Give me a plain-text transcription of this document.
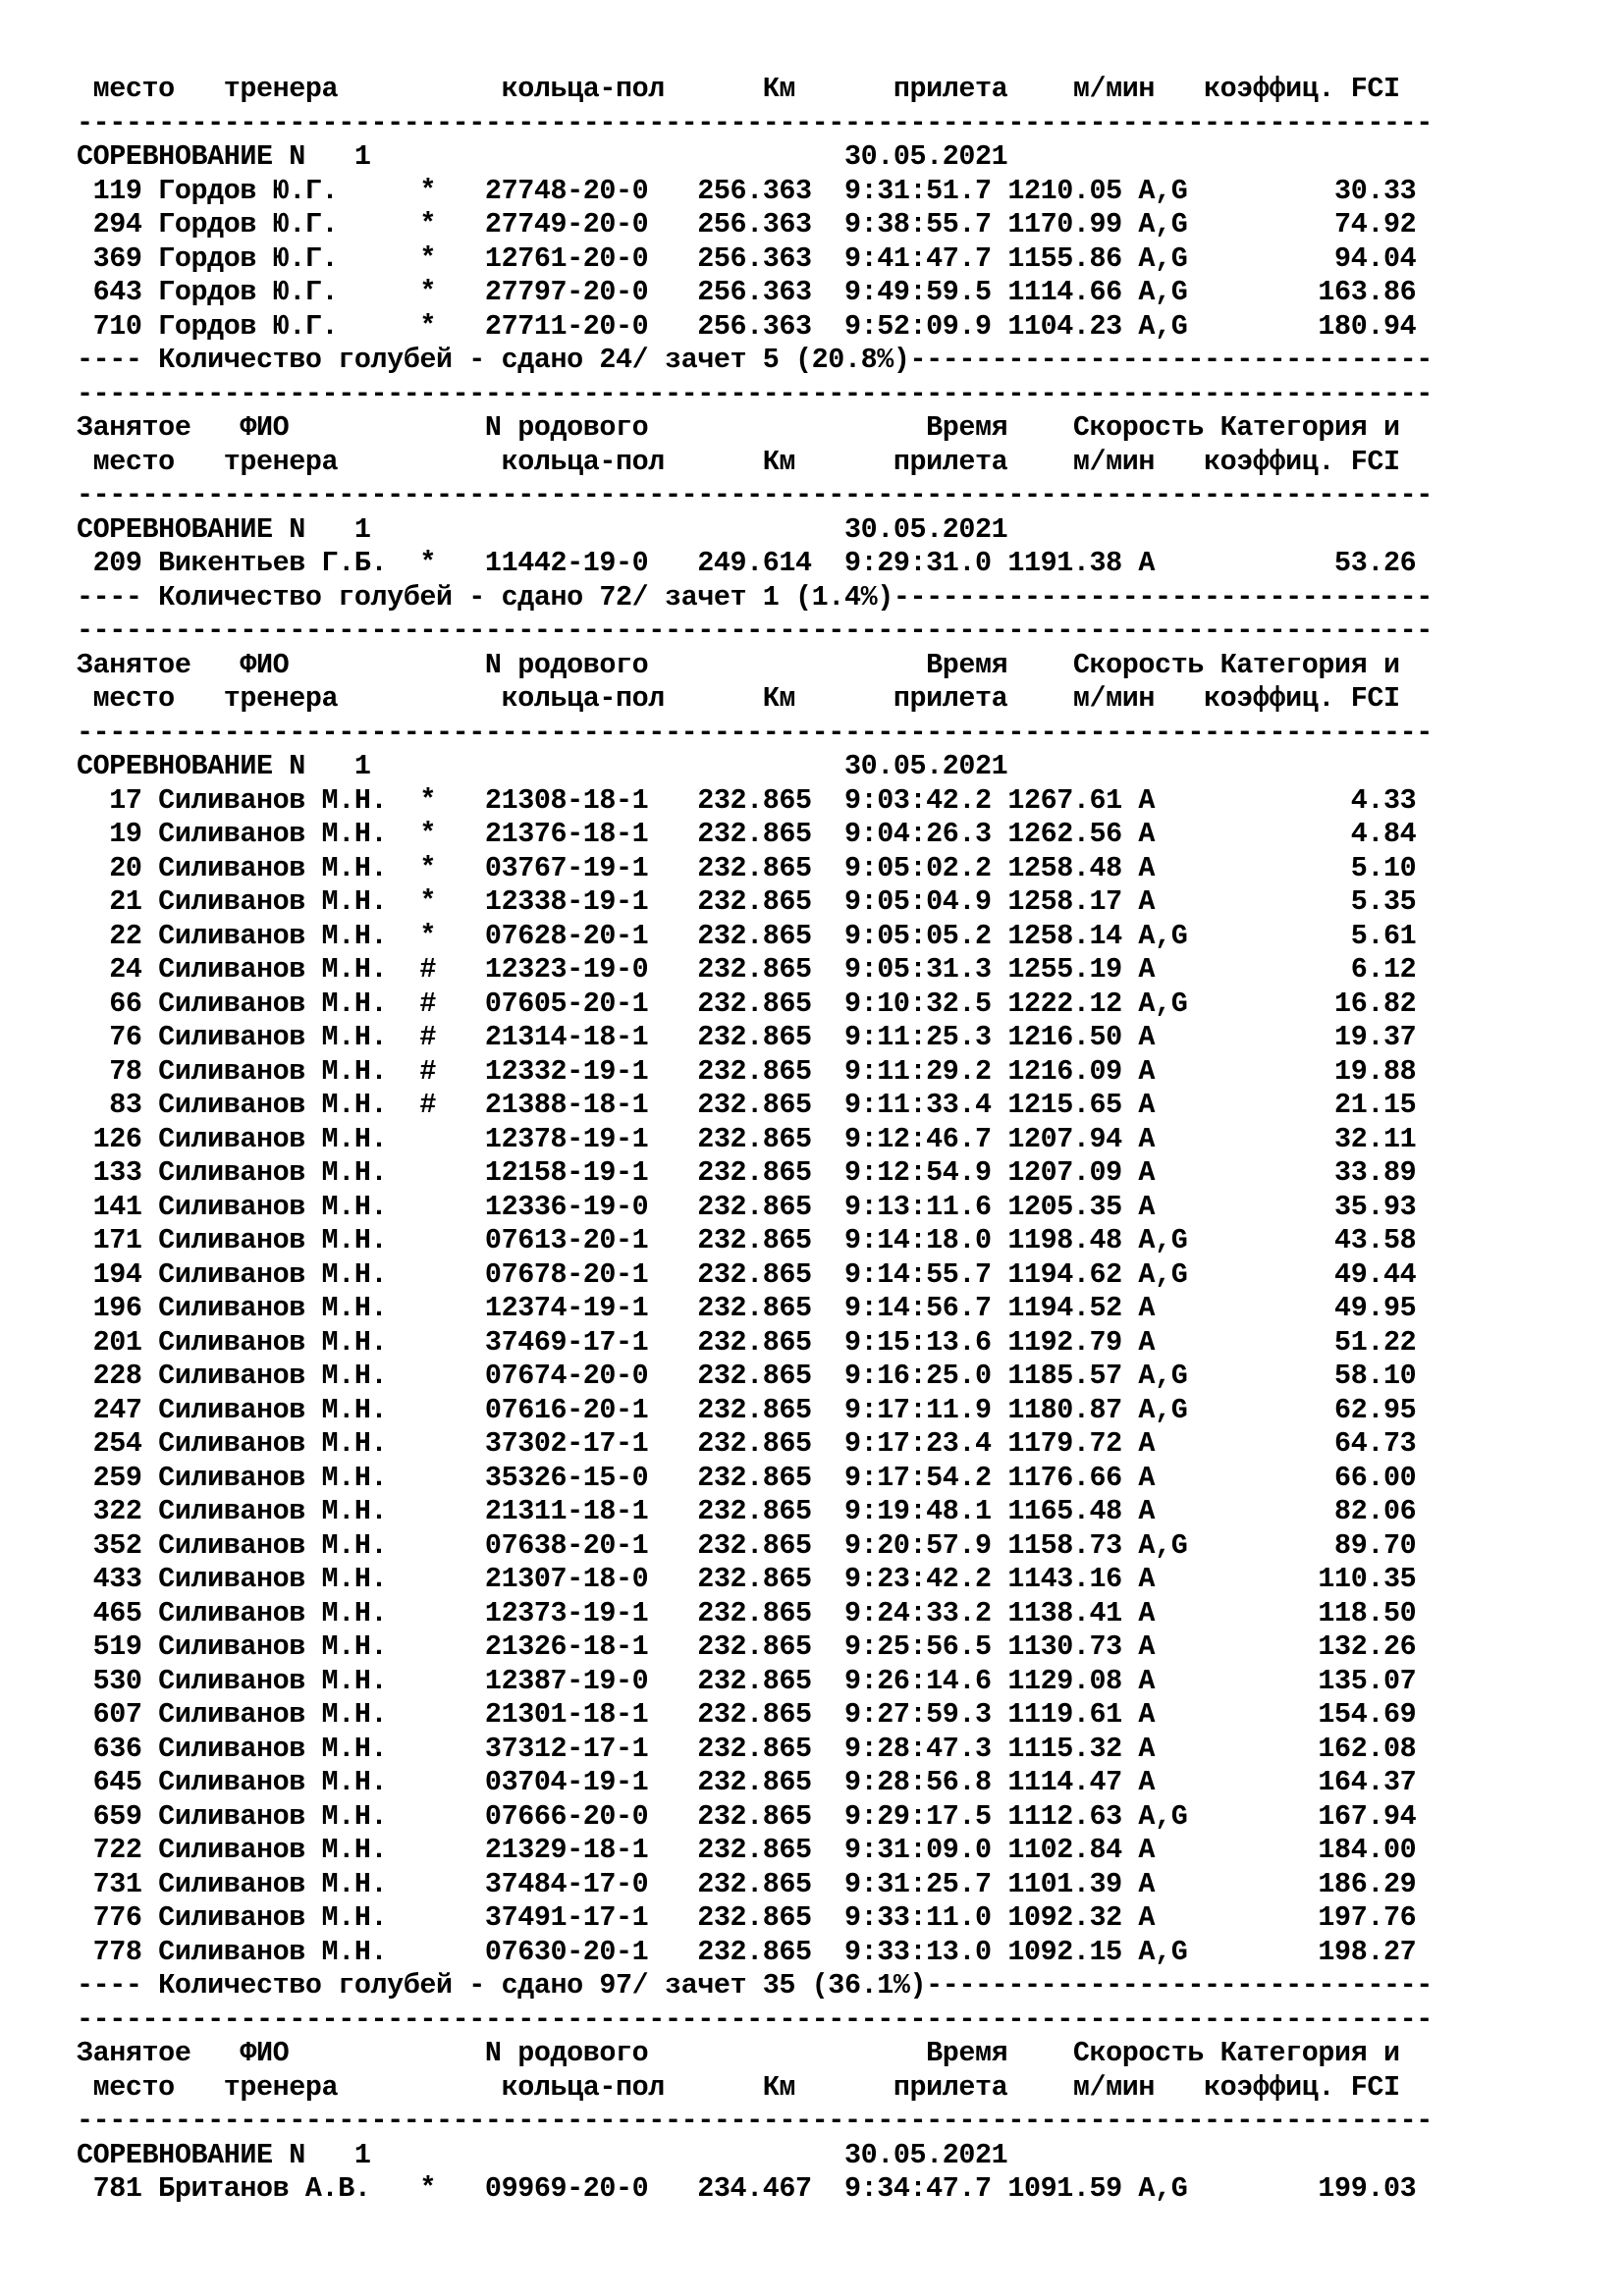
место   тренера          кольца-пол      Км      прилета    м/мин   коэффиц. FCI
-----------------------------------------------------------------------------------
СОРЕВНОВАНИЕ N   1                             30.05.2021
119 Гордов Ю.Г.     *   27748-20-0   256.363  9:31:51.7 1210.05 A,G         30.33
294 Гордов Ю.Г.     *   27749-20-0   256.363  9:38:55.7 1170.99 A,G         74.92
369 Гордов Ю.Г.     *   12761-20-0   256.363  9:41:47.7 1155.86 A,G         94.04
643 Гордов Ю.Г.     *   27797-20-0   256.363  9:49:59.5 1114.66 A,G        163.86
710 Гордов Ю.Г.     *   27711-20-0   256.363  9:52:09.9 1104.23 A,G        180.94
---- Количество голубей - сдано 24/ зачет 5 (20.8%)--------------------------------
-----------------------------------------------------------------------------------
Занятое   ФИО            N родового                 Время    Скорость Категория и
место   тренера          кольца-пол      Км      прилета    м/мин   коэффиц. FCI
-----------------------------------------------------------------------------------
СОРЕВНОВАНИЕ N   1                             30.05.2021
209 Викентьев Г.Б.  *   11442-19-0   249.614  9:29:31.0 1191.38 A           53.26
---- Количество голубей - сдано 72/ зачет 1 (1.4%)---------------------------------
-----------------------------------------------------------------------------------
Занятое   ФИО            N родового                 Время    Скорость Категория и
место   тренера          кольца-пол      Км      прилета    м/мин   коэффиц. FCI
-----------------------------------------------------------------------------------
СОРЕВНОВАНИЕ N   1                             30.05.2021
17 Силиванов М.Н.  *   21308-18-1   232.865  9:03:42.2 1267.61 A            4.33
19 Силиванов М.Н.  *   21376-18-1   232.865  9:04:26.3 1262.56 A            4.84
20 Силиванов М.Н.  *   03767-19-1   232.865  9:05:02.2 1258.48 A            5.10
21 Силиванов М.Н.  *   12338-19-1   232.865  9:05:04.9 1258.17 A            5.35
22 Силиванов М.Н.  *   07628-20-1   232.865  9:05:05.2 1258.14 A,G          5.61
24 Силиванов М.Н.  #   12323-19-0   232.865  9:05:31.3 1255.19 A            6.12
66 Силиванов М.Н.  #   07605-20-1   232.865  9:10:32.5 1222.12 A,G         16.82
76 Силиванов М.Н.  #   21314-18-1   232.865  9:11:25.3 1216.50 A           19.37
78 Силиванов М.Н.  #   12332-19-1   232.865  9:11:29.2 1216.09 A           19.88
83 Силиванов М.Н.  #   21388-18-1   232.865  9:11:33.4 1215.65 A           21.15
126 Силиванов М.Н.      12378-19-1   232.865  9:12:46.7 1207.94 A           32.11
133 Силиванов М.Н.      12158-19-1   232.865  9:12:54.9 1207.09 A           33.89
141 Силиванов М.Н.      12336-19-0   232.865  9:13:11.6 1205.35 A           35.93
171 Силиванов М.Н.      07613-20-1   232.865  9:14:18.0 1198.48 A,G         43.58
194 Силиванов М.Н.      07678-20-1   232.865  9:14:55.7 1194.62 A,G         49.44
196 Силиванов М.Н.      12374-19-1   232.865  9:14:56.7 1194.52 A           49.95
201 Силиванов М.Н.      37469-17-1   232.865  9:15:13.6 1192.79 A           51.22
228 Силиванов М.Н.      07674-20-0   232.865  9:16:25.0 1185.57 A,G         58.10
247 Силиванов М.Н.      07616-20-1   232.865  9:17:11.9 1180.87 A,G         62.95
254 Силиванов М.Н.      37302-17-1   232.865  9:17:23.4 1179.72 A           64.73
259 Силиванов М.Н.      35326-15-0   232.865  9:17:54.2 1176.66 A           66.00
322 Силиванов М.Н.      21311-18-1   232.865  9:19:48.1 1165.48 A           82.06
352 Силиванов М.Н.      07638-20-1   232.865  9:20:57.9 1158.73 A,G         89.70
433 Силиванов М.Н.      21307-18-0   232.865  9:23:42.2 1143.16 A          110.35
465 Силиванов М.Н.      12373-19-1   232.865  9:24:33.2 1138.41 A          118.50
519 Силиванов М.Н.      21326-18-1   232.865  9:25:56.5 1130.73 A          132.26
530 Силиванов М.Н.      12387-19-0   232.865  9:26:14.6 1129.08 A          135.07
607 Силиванов М.Н.      21301-18-1   232.865  9:27:59.3 1119.61 A          154.69
636 Силиванов М.Н.      37312-17-1   232.865  9:28:47.3 1115.32 A          162.08
645 Силиванов М.Н.      03704-19-1   232.865  9:28:56.8 1114.47 A          164.37
659 Силиванов М.Н.      07666-20-0   232.865  9:29:17.5 1112.63 A,G        167.94
722 Силиванов М.Н.      21329-18-1   232.865  9:31:09.0 1102.84 A          184.00
731 Силиванов М.Н.      37484-17-0   232.865  9:31:25.7 1101.39 A          186.29
776 Силиванов М.Н.      37491-17-1   232.865  9:33:11.0 1092.32 A          197.76
778 Силиванов М.Н.      07630-20-1   232.865  9:33:13.0 1092.15 A,G        198.27
---- Количество голубей - сдано 97/ зачет 35 (36.1%)-------------------------------
-----------------------------------------------------------------------------------
Занятое   ФИО            N родового                 Время    Скорость Категория и
место   тренера          кольца-пол      Км      прилета    м/мин   коэффиц. FCI
-----------------------------------------------------------------------------------
СОРЕВНОВАНИЕ N   1                             30.05.2021
781 Британов А.В.   *   09969-20-0   234.467  9:34:47.7 1091.59 A,G        199.03
